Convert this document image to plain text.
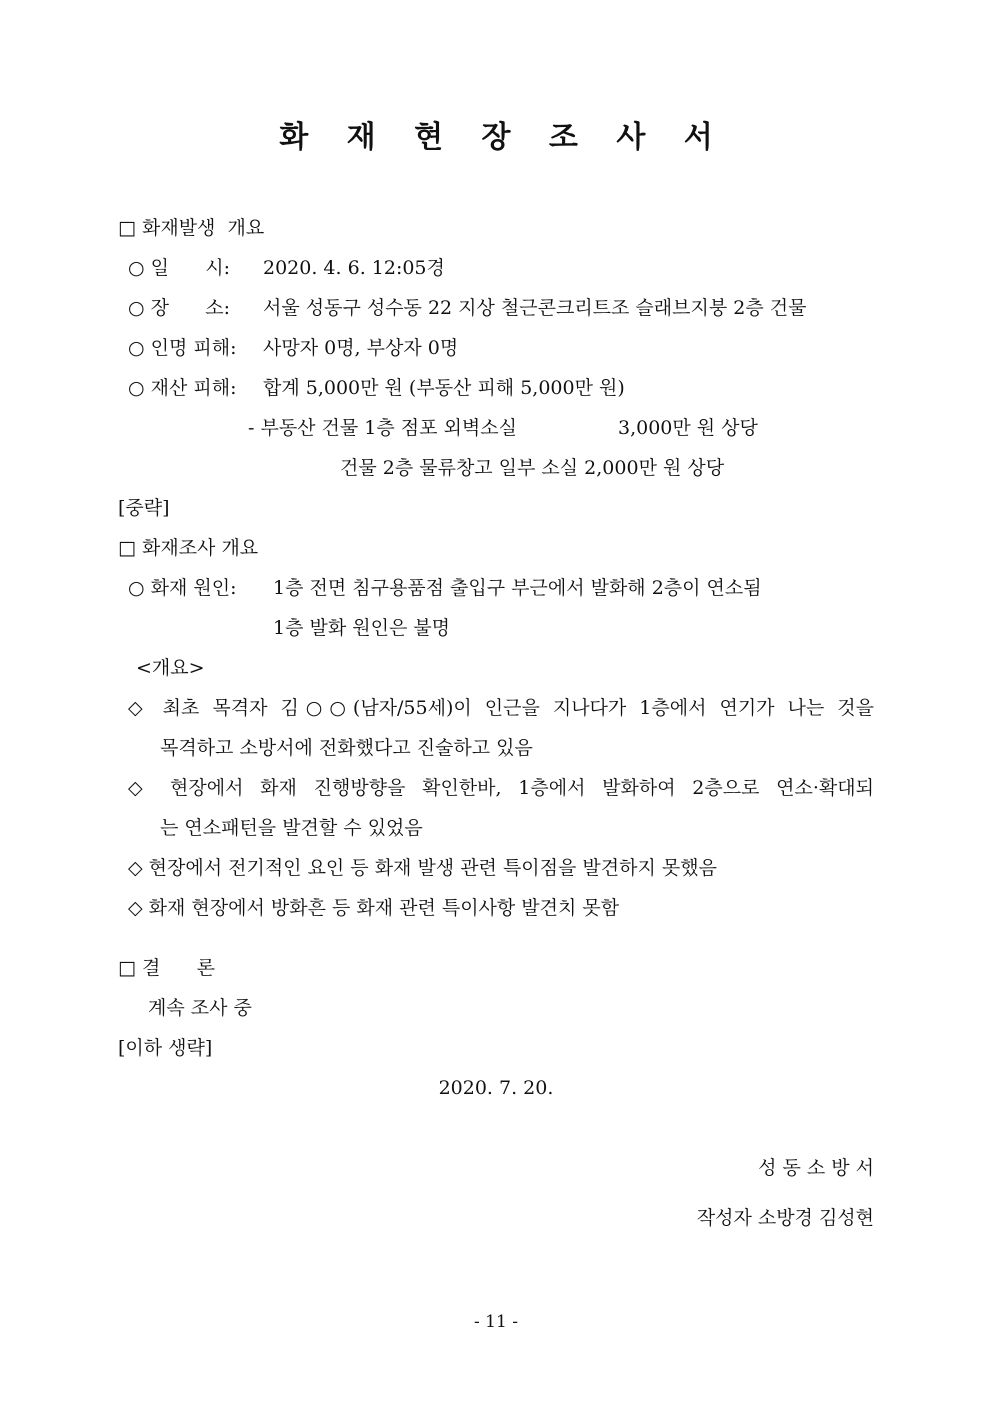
화 재 현 장 조 사 서
□ 화재발생  개요

○ 일      시:

2020. 4. 6. 12:05경

○ 장      소:

서울 성동구 성수동 22 지상 철근콘크리트조 슬래브지붕 2층 건물

○ 인명 피해:

사망자 0명, 부상자 0명

○ 재산 피해:

합계 5,000만 원 (부동산 피해 5,000만 원)

- 부동산 건물 1층 점포 외벽소실

	3,000만 원 상당

건물 2층 물류창고 일부 소실 2,000만 원 상당
[중략]
□ 화재조사 개요

○ 화재 원인:

1층 전면 침구용품점 출입구 부근에서 발화해 2층이 연소됨

1층 발화 원인은 불명
<개요>
◇ 최초 목격자 김○○(남자/55세)이 인근을 지나다가 1층에서 연기가 나는 것을
목격하고 소방서에 전화했다고 진술하고 있음
◇ 현장에서 화재 진행방향을 확인한바, 1층에서 발화하여 2층으로 연소·확대되
는 연소패턴을 발견할 수 있었음
◇ 현장에서 전기적인 요인 등 화재 발생 관련 특이점을 발견하지 못했음
◇ 화재 현장에서 방화흔 등 화재 관련 특이사항 발견치 못함
□ 결      론
계속 조사 중
[이하 생략]
2020. 7. 20.
성 동 소 방 서
작성자 소방경 김성현
- 11 -
